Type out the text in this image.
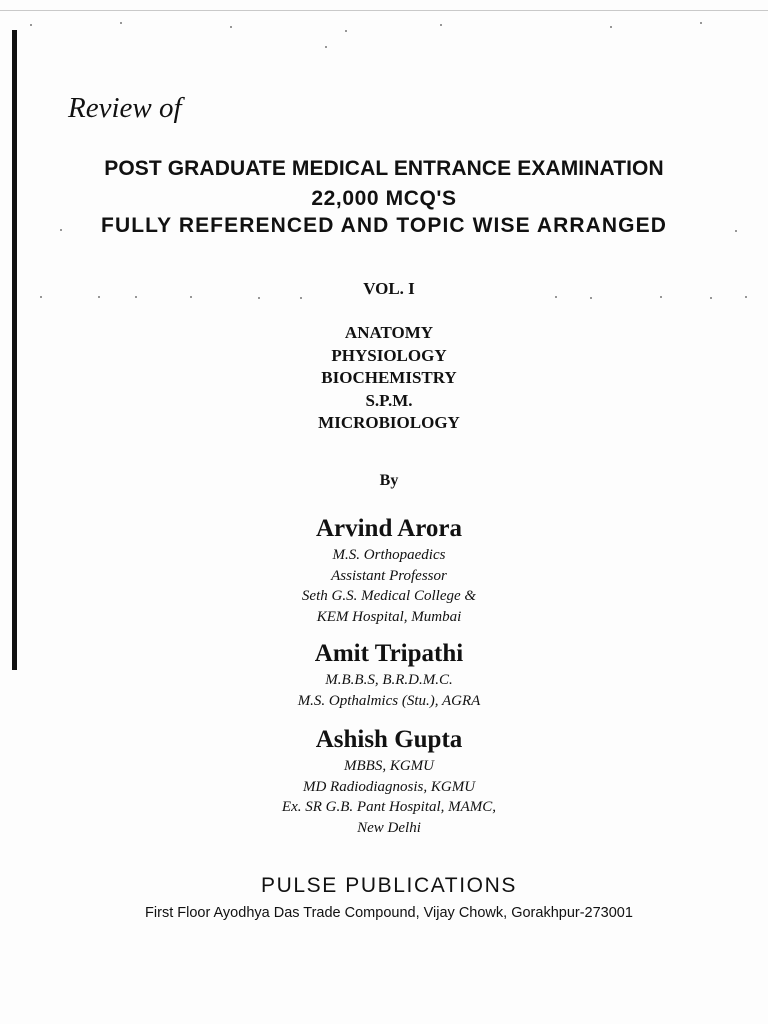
Review of

POST GRADUATE MEDICAL ENTRANCE EXAMINATION
22,000 MCQ'S
FULLY REFERENCED AND TOPIC WISE ARRANGED

VOL. I

ANATOMY
PHYSIOLOGY
BIOCHEMISTRY
S.P.M.
MICROBIOLOGY

By

Arvind Arora
M.S. Orthopaedics
Assistant Professor
Seth G.S. Medical College &
KEM Hospital, Mumbai
Amit Tripathi
M.B.B.S, B.R.D.M.C.
M.S. Opthalmics (Stu.), AGRA
Ashish Gupta
MBBS, KGMU
MD Radiodiagnosis, KGMU
Ex. SR G.B. Pant Hospital, MAMC,
New Delhi

PULSE PUBLICATIONS

First Floor Ayodhya Das Trade Compound, Vijay Chowk, Gorakhpur-273001
